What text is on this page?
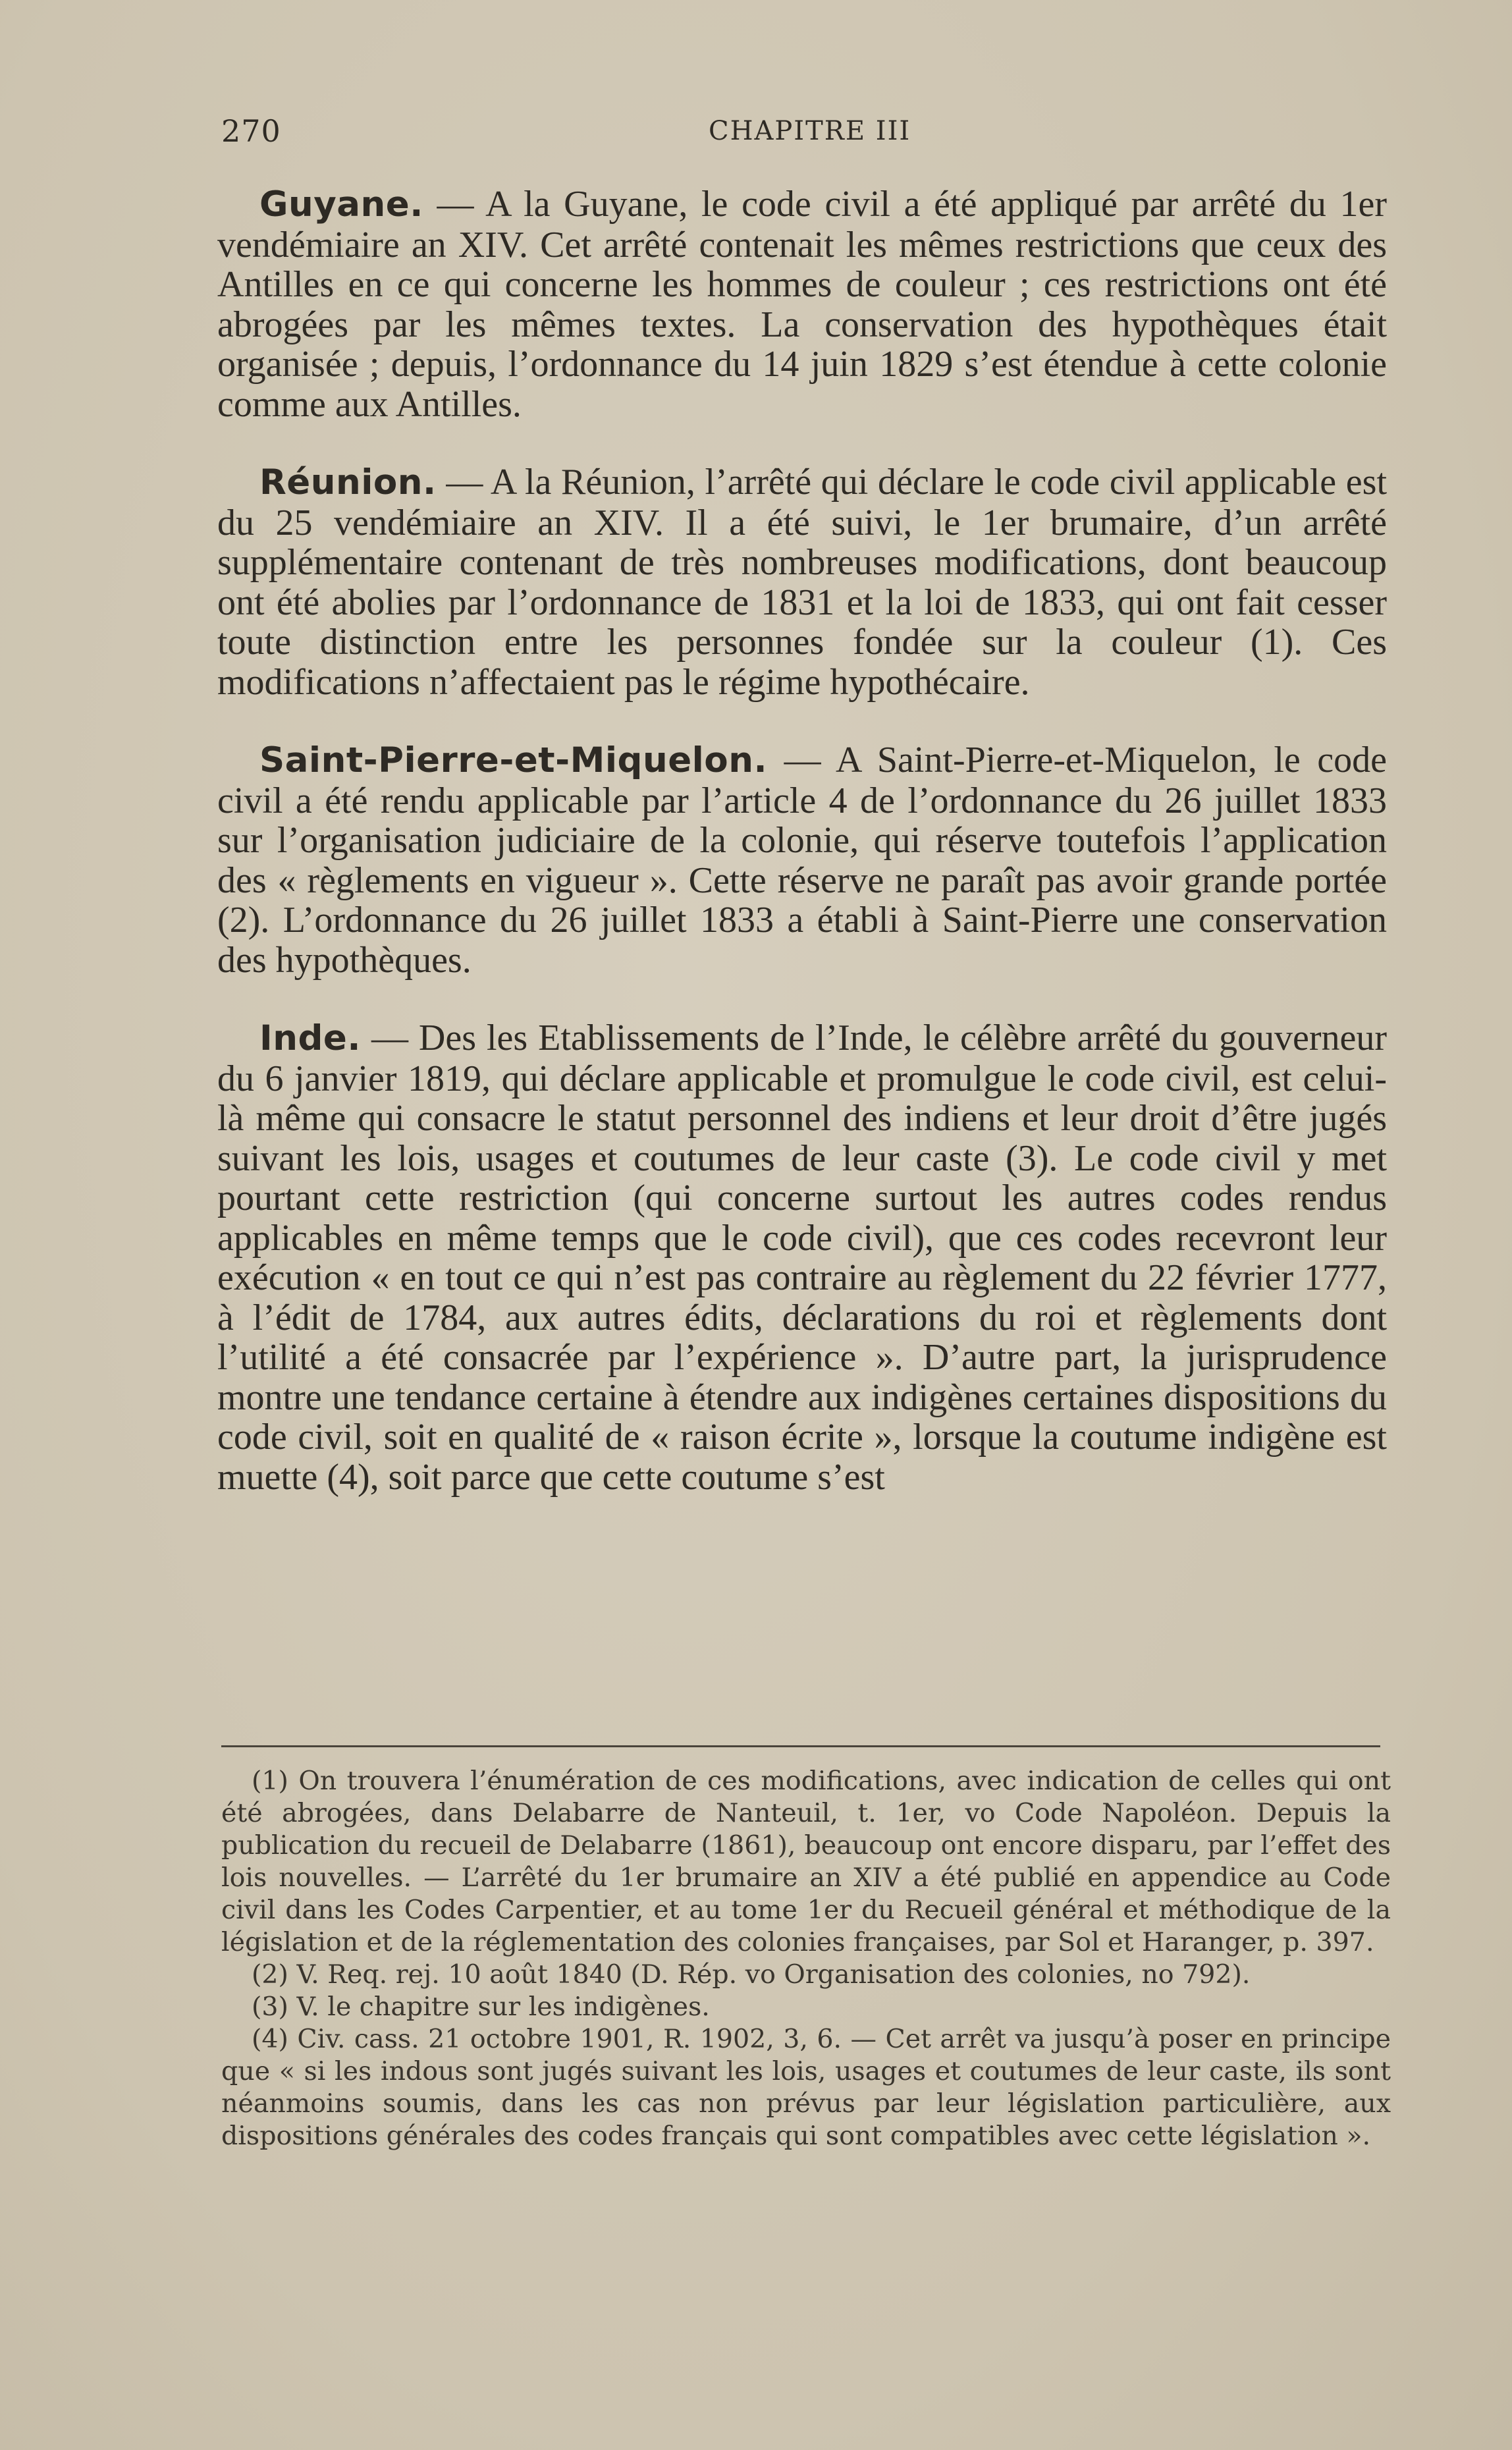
270	CHAPITRE III

Guyane. — A la Guyane, le code civil a été appliqué par arrêté du 1er vendémiaire an XIV. Cet arrêté contenait les mêmes restrictions que ceux des Antilles en ce qui concerne les hommes de couleur ; ces restrictions ont été abrogées par les mêmes textes. La conservation des hypothèques était organisée ; depuis, l’ordonnance du 14 juin 1829 s’est étendue à cette colonie comme aux Antilles.

Réunion. — A la Réunion, l’arrêté qui déclare le code civil applicable est du 25 vendémiaire an XIV. Il a été suivi, le 1er brumaire, d’un arrêté supplémentaire contenant de très nombreuses modifications, dont beaucoup ont été abolies par l’ordonnance de 1831 et la loi de 1833, qui ont fait cesser toute distinction entre les personnes fondée sur la couleur (1). Ces modifications n’affectaient pas le régime hypothécaire.

Saint-Pierre-et-Miquelon. — A Saint-Pierre-et-Miquelon, le code civil a été rendu applicable par l’article 4 de l’ordonnance du 26 juillet 1833 sur l’organisation judiciaire de la colonie, qui réserve toutefois l’application des « règlements en vigueur ». Cette réserve ne paraît pas avoir grande portée (2). L’ordonnance du 26 juillet 1833 a établi à Saint-Pierre une conservation des hypothèques.

Inde. — Des les Etablissements de l’Inde, le célèbre arrêté du gouverneur du 6 janvier 1819, qui déclare applicable et promulgue le code civil, est celui-là même qui consacre le statut personnel des indiens et leur droit d’être jugés suivant les lois, usages et coutumes de leur caste (3). Le code civil y met pourtant cette restriction (qui concerne surtout les autres codes rendus applicables en même temps que le code civil), que ces codes recevront leur exécution « en tout ce qui n’est pas contraire au règlement du 22 février 1777, à l’édit de 1784, aux autres édits, déclarations du roi et règlements dont l’utilité a été consacrée par l’expérience ». D’autre part, la jurisprudence montre une tendance certaine à étendre aux indigènes certaines dispositions du code civil, soit en qualité de « raison écrite », lorsque la coutume indigène est muette (4), soit parce que cette coutume s’est

(1) On trouvera l’énumération de ces modifications, avec indication de celles qui ont été abrogées, dans Delabarre de Nanteuil, t. 1er, vo Code Napoléon. Depuis la publication du recueil de Delabarre (1861), beaucoup ont encore disparu, par l’effet des lois nouvelles. — L’arrêté du 1er brumaire an XIV a été publié en appendice au Code civil dans les Codes Carpentier, et au tome 1er du Recueil général et méthodique de la législation et de la réglementation des colonies françaises, par Sol et Haranger, p. 397.

(2) V. Req. rej. 10 août 1840 (D. Rép. vo Organisation des colonies, no 792).

(3) V. le chapitre sur les indigènes.

(4) Civ. cass. 21 octobre 1901, R. 1902, 3, 6. — Cet arrêt va jusqu’à poser en principe que « si les indous sont jugés suivant les lois, usages et coutumes de leur caste, ils sont néanmoins soumis, dans les cas non prévus par leur législation particulière, aux dispositions générales des codes français qui sont compatibles avec cette législation ».
